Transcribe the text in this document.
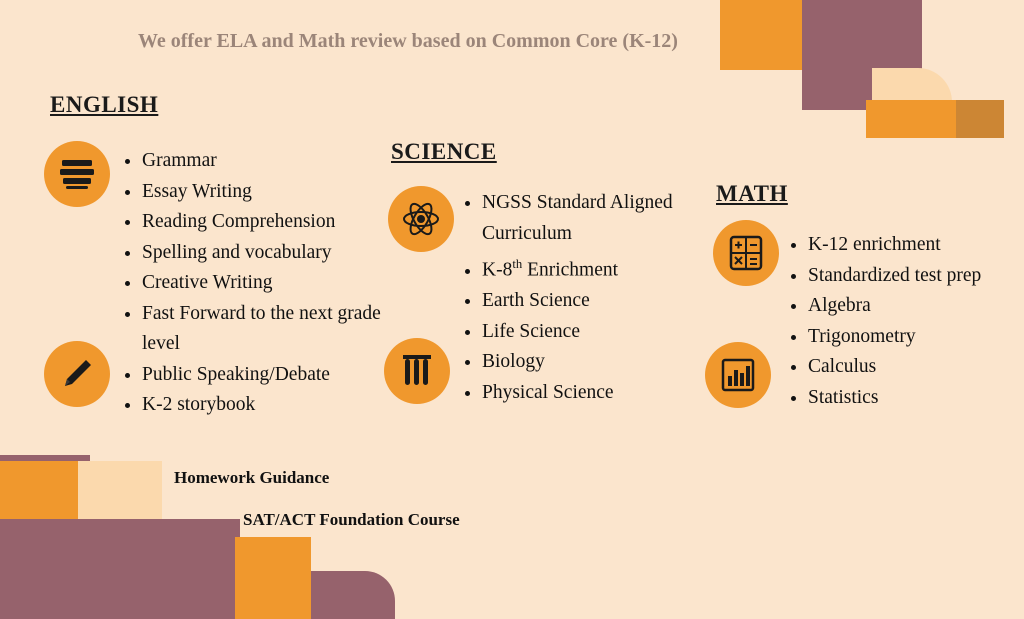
We offer ELA and Math review based on Common Core (K-12)
ENGLISH
• Grammar
• Essay Writing
• Reading Comprehension
• Spelling and vocabulary
• Creative Writing
• Fast Forward to the next grade level
• Public Speaking/Debate
• K-2 storybook
SCIENCE
• NGSS Standard Aligned Curriculum
• K-8th Enrichment
• Earth Science
• Life Science
• Biology
• Physical Science
MATH
• K-12 enrichment
• Standardized test prep
• Algebra
• Trigonometry
• Calculus
• Statistics
Homework Guidance
SAT/ACT Foundation Course
